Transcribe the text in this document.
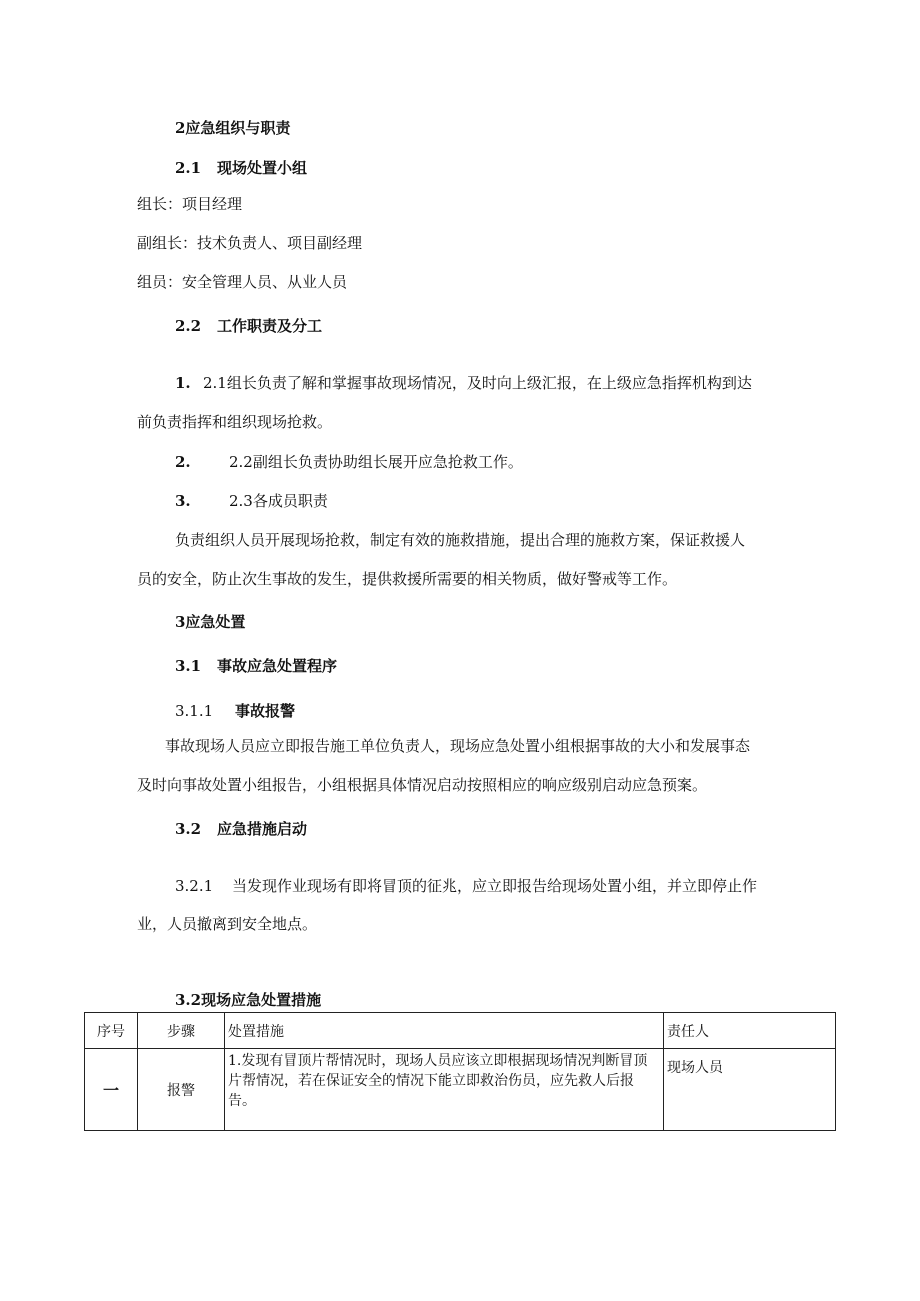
2应急组织与职责
2.1 现场处置小组
组长：项目经理
副组长：技术负责人、项目副经理
组员：安全管理人员、从业人员
2.2 工作职责及分工
1. 2.1组长负责了解和掌握事故现场情况，及时向上级汇报，在上级应急指挥机构到达
前负责指挥和组织现场抢救。
2.	2.2副组长负责协助组长展开应急抢救工作。
3.	2.3各成员职责
负责组织人员开展现场抢救，制定有效的施救措施，提出合理的施救方案，保证救援人
员的安全，防止次生事故的发生，提供救援所需要的相关物质，做好警戒等工作。
3应急处置
3.1 事故应急处置程序
3.1.1 事故报警
事故现场人员应立即报告施工单位负责人，现场应急处置小组根据事故的大小和发展事态
及时向事故处置小组报告，小组根据具体情况启动按照相应的响应级别启动应急预案。
3.2 应急措施启动
3.2.1 当发现作业现场有即将冒顶的征兆，应立即报告给现场处置小组，并立即停止作
业，人员撤离到安全地点。
3.2现场应急处置措施
序号	步骤	处置措施	责任人
一	报警	1.发现有冒顶片帮情况时，现场人员应该立即根据现场情况判断冒顶片帮情况，若在保证安全的情况下能立即救治伤员，应先救人后报告。	现场人员
